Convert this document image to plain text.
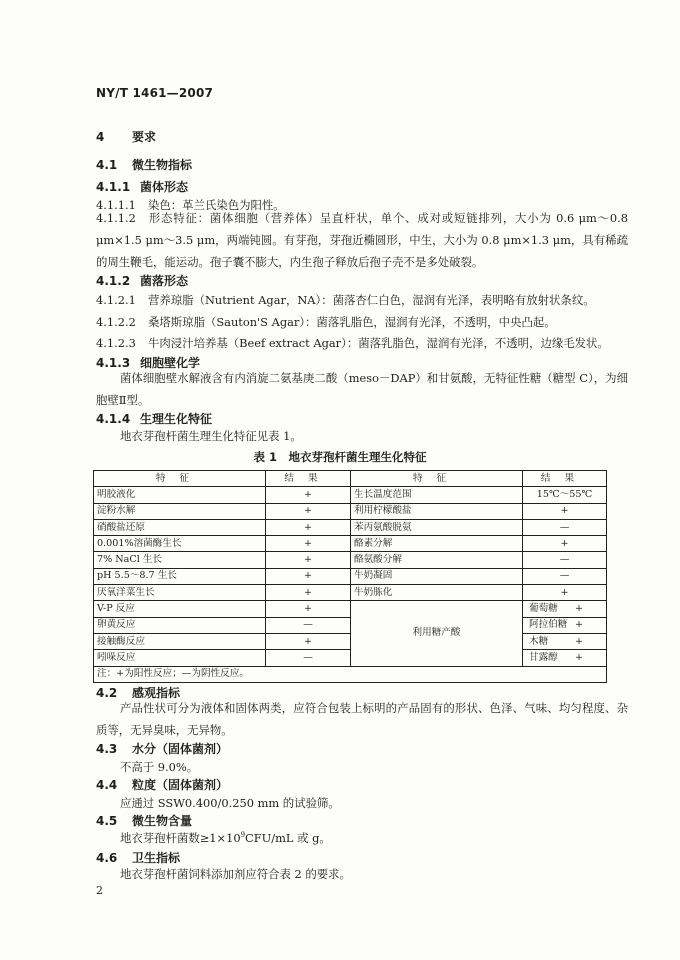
NY/T 1461—2007
4 要求
4.1 微生物指标
4.1.1 菌体形态
4.1.1.1 染色：革兰氏染色为阳性。
4.1.1.2 形态特征：菌体细胞（营养体）呈直杆状，单个、成对或短链排列，大小为 0.6 μm～0.8 μm×1.5 μm～3.5 μm，两端钝圆。有芽孢，芽孢近椭圆形，中生，大小为 0.8 μm×1.3 μm，具有稀疏的周生鞭毛，能运动。孢子囊不膨大，内生孢子释放后孢子壳不是多处破裂。
4.1.2 菌落形态
4.1.2.1 营养琼脂（Nutrient Agar，NA）：菌落杏仁白色，湿润有光泽，表明略有放射状条纹。
4.1.2.2 桑塔斯琼脂（Sauton'S Agar）：菌落乳脂色，湿润有光泽，不透明，中央凸起。
4.1.2.3 牛肉浸汁培养基（Beef extract Agar）：菌落乳脂色，湿润有光泽，不透明，边缘毛发状。
4.1.3 细胞壁化学
菌体细胞壁水解液含有内消旋二氨基庚二酸（meso－DAP）和甘氨酸，无特征性糖（糖型 C），为细胞壁Ⅱ型。
4.1.4 生理生化特征
地衣芽孢杆菌生理生化特征见表 1。
表 1　地衣芽孢杆菌生理生化特征
特征	结果	特征	结果
明胶液化	+	生长温度范围	15℃～55℃
淀粉水解	+	利用柠檬酸盐	+
硝酸盐还原	+	苯丙氨酸脱氨	—
0.001%溶菌酶生长	+	酪素分解	+
7% NaCl 生长	+	酪氨酸分解	—
pH 5.5～8.7 生长	+	牛奶凝固	—
厌氧洋菜生长	+	牛奶胨化	+
V-P 反应	+	利用糖产酸	葡萄糖 +
卵黄反应	—		阿拉伯糖 +
接触酶反应	+		木糖 +
吲哚反应	—		甘露醇 +
注：+为阳性反应；—为阴性反应。			
4.2 感观指标
产品性状可分为液体和固体两类，应符合包装上标明的产品固有的形状、色泽、气味、均匀程度、杂质等，无异臭味，无异物。
4.3 水分（固体菌剂）
不高于 9.0%。
4.4 粒度（固体菌剂）
应通过 SSW0.400/0.250 mm 的试验筛。
4.5 微生物含量
地衣芽孢杆菌数$\ge 1\times 10^9CFU/mL$ 或 g。
4.6 卫生指标
地衣芽孢杆菌饲料添加剂应符合表 2 的要求。
2
